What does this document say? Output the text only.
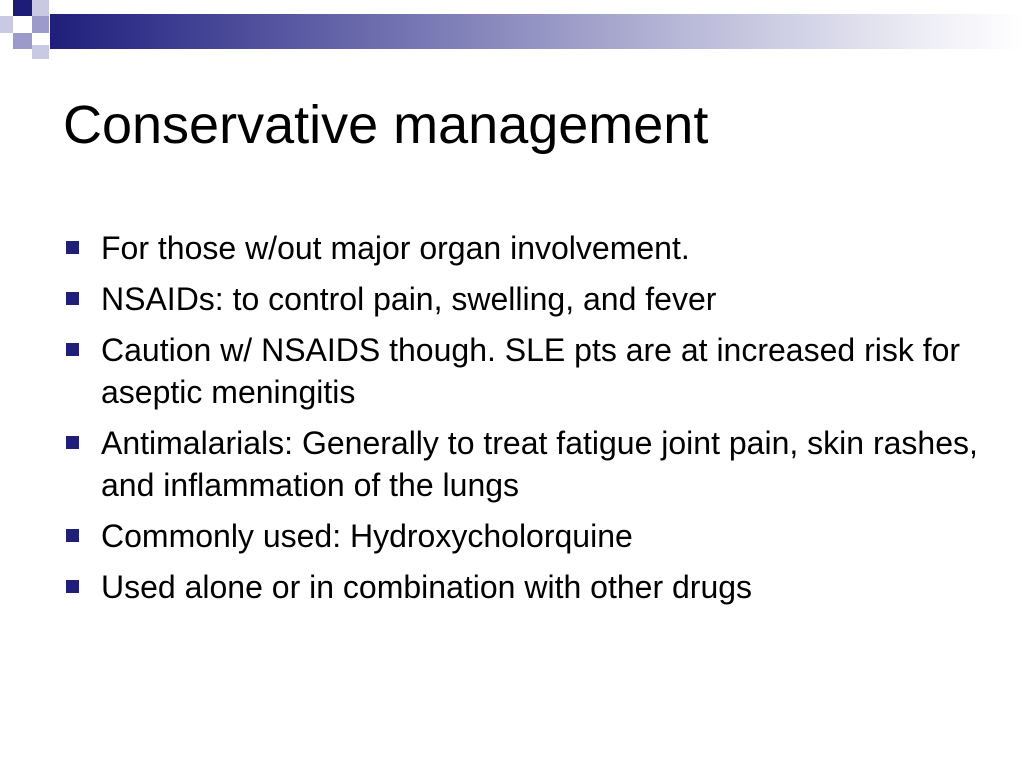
Conservative management
For those w/out major organ involvement.
NSAIDs: to control pain, swelling, and fever
Caution w/ NSAIDS though. SLE pts are at increased risk for aseptic meningitis
Antimalarials: Generally to treat fatigue joint pain, skin rashes, and inflammation of the lungs
Commonly used: Hydroxycholorquine
Used alone or in combination with other drugs
